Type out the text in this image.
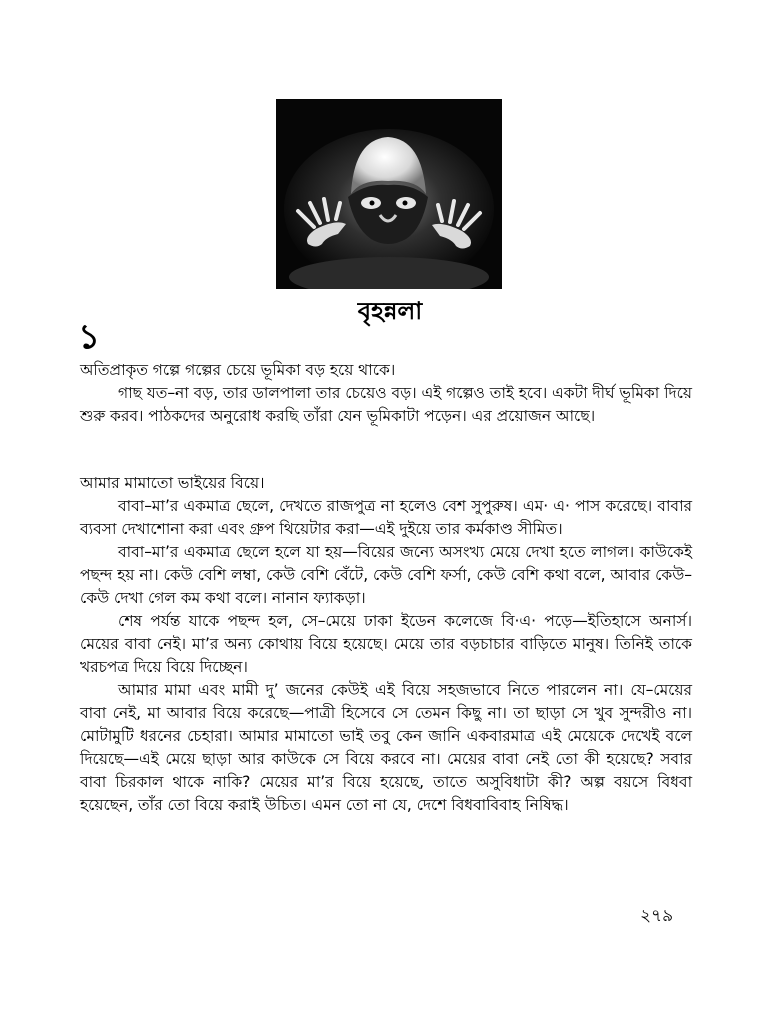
বৃহন্নলা
১

অতিপ্রাকৃত গল্পে গল্পের চেয়ে ভূমিকা বড় হয়ে থাকে।

গাছ যত–না বড়, তার ডালপালা তার চেয়েও বড়। এই গল্পেও তাই হবে। একটা দীর্ঘ ভূমিকা দিয়ে শুরু করব। পাঠকদের অনুরোধ করছি তাঁরা যেন ভূমিকাটা পড়েন। এর প্রয়োজন আছে।

আমার মামাতো ভাইয়ের বিয়ে।

বাবা–মা’র একমাত্র ছেলে, দেখতে রাজপুত্র না হলেও বেশ সুপুরুষ। এম· এ· পাস করেছে। বাবার ব্যবসা দেখাশোনা করা এবং গ্রুপ থিয়েটার করা—এই দুইয়ে তার কর্মকাণ্ড সীমিত।

বাবা–মা’র একমাত্র ছেলে হলে যা হয়—বিয়ের জন্যে অসংখ্য মেয়ে দেখা হতে লাগল। কাউকেই পছন্দ হয় না। কেউ বেশি লম্বা, কেউ বেশি বেঁটে, কেউ বেশি ফর্সা, কেউ বেশি কথা বলে, আবার কেউ–কেউ দেখা গেল কম কথা বলে। নানান ফ্যাকড়া।

শেষ পর্যন্ত যাকে পছন্দ হল, সে–মেয়ে ঢাকা ইডেন কলেজে বি·এ· পড়ে—ইতিহাসে অনার্স। মেয়ের বাবা নেই। মা’র অন্য কোথায় বিয়ে হয়েছে। মেয়ে তার বড়চাচার বাড়িতে মানুষ। তিনিই তাকে খরচপত্র দিয়ে বিয়ে দিচ্ছেন।

আমার মামা এবং মামী দু’ জনের কেউই এই বিয়ে সহজভাবে নিতে পারলেন না। যে–মেয়ের বাবা নেই, মা আবার বিয়ে করেছে—পাত্রী হিসেবে সে তেমন কিছু না। তা ছাড়া সে খুব সুন্দরীও না। মোটামুটি ধরনের চেহারা। আমার মামাতো ভাই তবু কেন জানি একবারমাত্র এই মেয়েকে দেখেই বলে দিয়েছে—এই মেয়ে ছাড়া আর কাউকে সে বিয়ে করবে না। মেয়ের বাবা নেই তো কী হয়েছে? সবার বাবা চিরকাল থাকে নাকি? মেয়ের মা’র বিয়ে হয়েছে, তাতে অসুবিধাটা কী? অল্প বয়সে বিধবা হয়েছেন, তাঁর তো বিয়ে করাই উচিত। এমন তো না যে, দেশে বিধবাবিবাহ নিষিদ্ধ।

২৭৯
